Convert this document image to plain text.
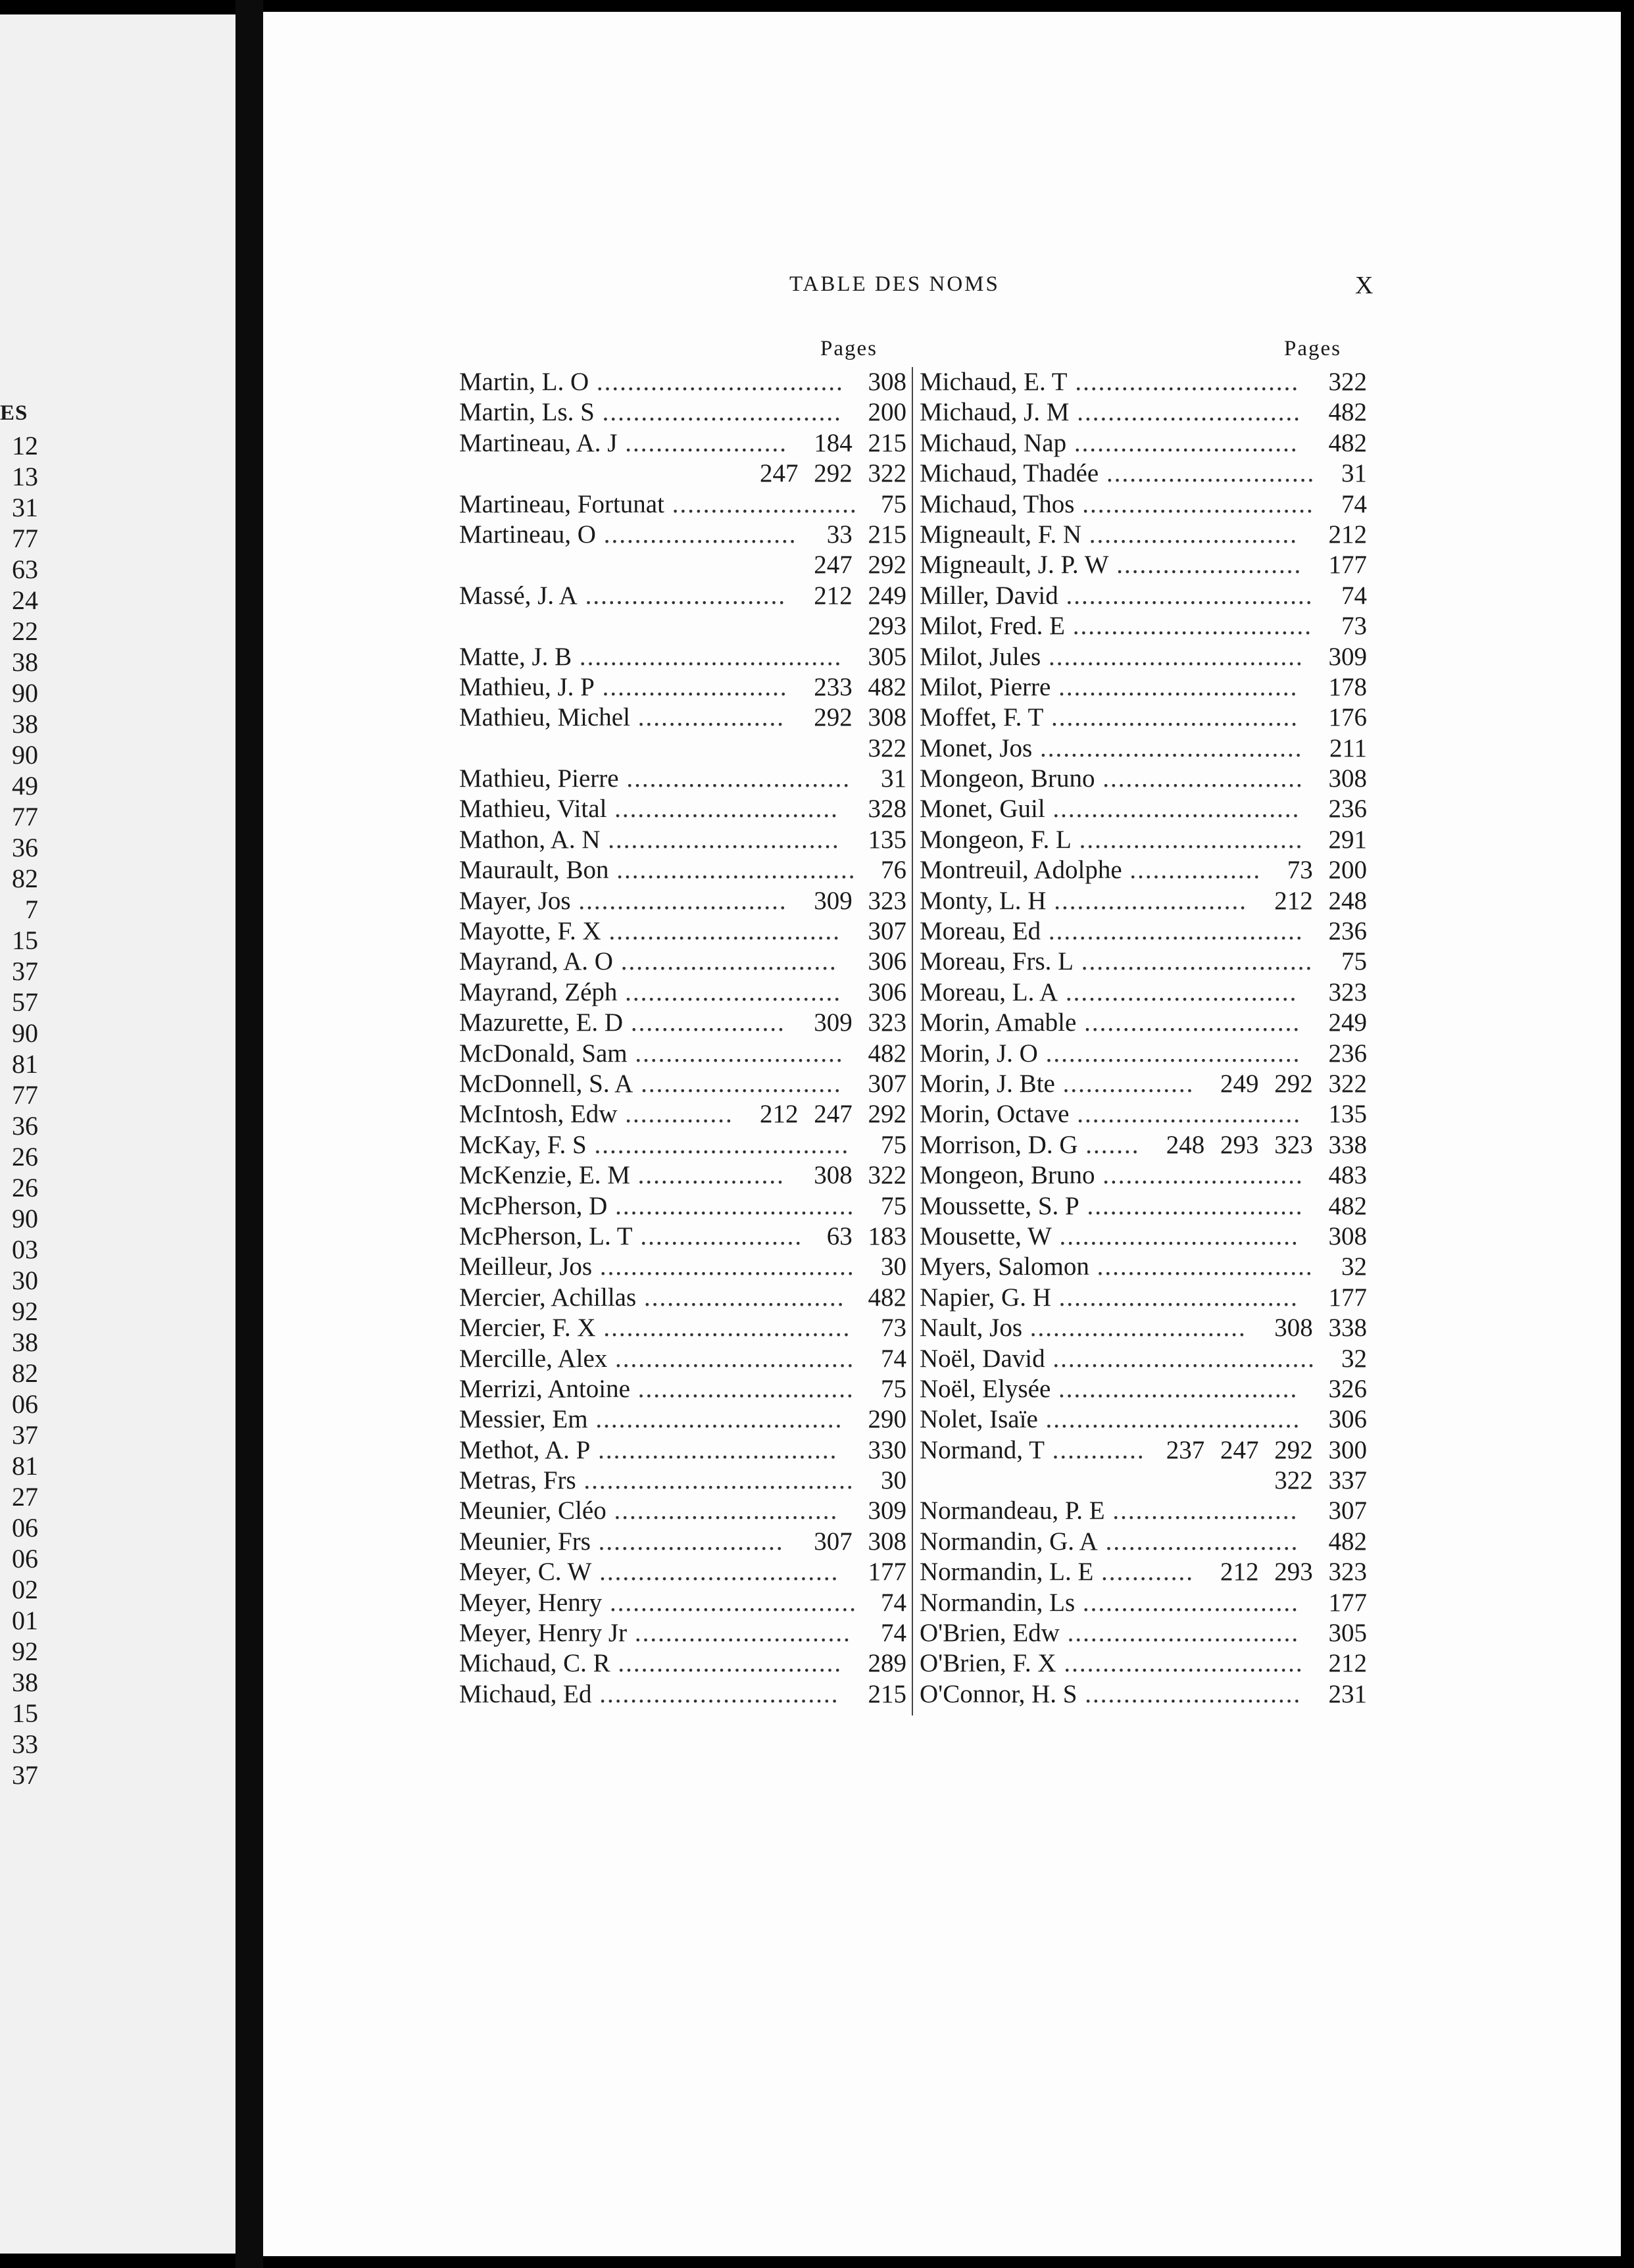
ES
12
13
31
77
63
24
22
38
90
38
90
49
77
36
82
7
15
37
57
90
81
77
36
26
26
90
03
30
92
38
82
06
37
81
27
06
06
02
01
92
38
15
33
37
TABLE DES NOMS	X
Pages	Pages
Martin, L. O ................................ 308
Martin, Ls. S ............................... 200
Martineau, A. J ..................... 184 215
247 292 322
Martineau, Fortunat ........................ 75
Martineau, O ......................... 33 215
247 292
Massé, J. A .......................... 212 249
293
Matte, J. B .................................. 305
Mathieu, J. P ........................ 233 482
Mathieu, Michel ................... 292 308
322
Mathieu, Pierre ............................. 31
Mathieu, Vital ............................. 328
Mathon, A. N .............................. 135
Maurault, Bon ............................... 76
Mayer, Jos ........................... 309 323
Mayotte, F. X .............................. 307
Mayrand, A. O ............................ 306
Mayrand, Zéph ............................ 306
Mazurette, E. D .................... 309 323
McDonald, Sam ........................... 482
McDonnell, S. A .......................... 307
McIntosh, Edw .............. 212 247 292
McKay, F. S ................................. 75
McKenzie, E. M ................... 308 322
McPherson, D ............................... 75
McPherson, L. T ..................... 63 183
Meilleur, Jos ................................. 30
Mercier, Achillas .......................... 482
Mercier, F. X ................................ 73
Mercille, Alex ............................... 74
Merrizi, Antoine ............................ 75
Messier, Em ................................ 290
Methot, A. P ............................... 330
Metras, Frs ................................... 30
Meunier, Cléo ............................. 309
Meunier, Frs ........................ 307 308
Meyer, C. W ............................... 177
Meyer, Henry ................................ 74
Meyer, Henry Jr ............................ 74
Michaud, C. R ............................. 289
Michaud, Ed ............................... 215
Michaud, E. T ............................. 322
Michaud, J. M ............................. 482
Michaud, Nap ............................. 482
Michaud, Thadée ........................... 31
Michaud, Thos .............................. 74
Migneault, F. N ........................... 212
Migneault, J. P. W ........................ 177
Miller, David ................................ 74
Milot, Fred. E ............................... 73
Milot, Jules ................................. 309
Milot, Pierre ............................... 178
Moffet, F. T ................................ 176
Monet, Jos .................................. 211
Mongeon, Bruno .......................... 308
Monet, Guil ................................ 236
Mongeon, F. L ............................. 291
Montreuil, Adolphe ................. 73 200
Monty, L. H ......................... 212 248
Moreau, Ed ................................. 236
Moreau, Frs. L .............................. 75
Moreau, L. A .............................. 323
Morin, Amable ............................ 249
Morin, J. O ................................. 236
Morin, J. Bte ................. 249 292 322
Morin, Octave ............................. 135
Morrison, D. G ....... 248 293 323 338
Mongeon, Bruno .......................... 483
Moussette, S. P ............................ 482
Mousette, W ............................... 308
Myers, Salomon ............................ 32
Napier, G. H ............................... 177
Nault, Jos ............................ 308 338
Noël, David .................................. 32
Noël, Elysée ............................... 326
Nolet, Isaïe ................................. 306
Normand, T ............ 237 247 292 300
322 337
Normandeau, P. E ........................ 307
Normandin, G. A ......................... 482
Normandin, L. E ............ 212 293 323
Normandin, Ls ............................ 177
O'Brien, Edw .............................. 305
O'Brien, F. X ............................... 212
O'Connor, H. S ............................ 231
